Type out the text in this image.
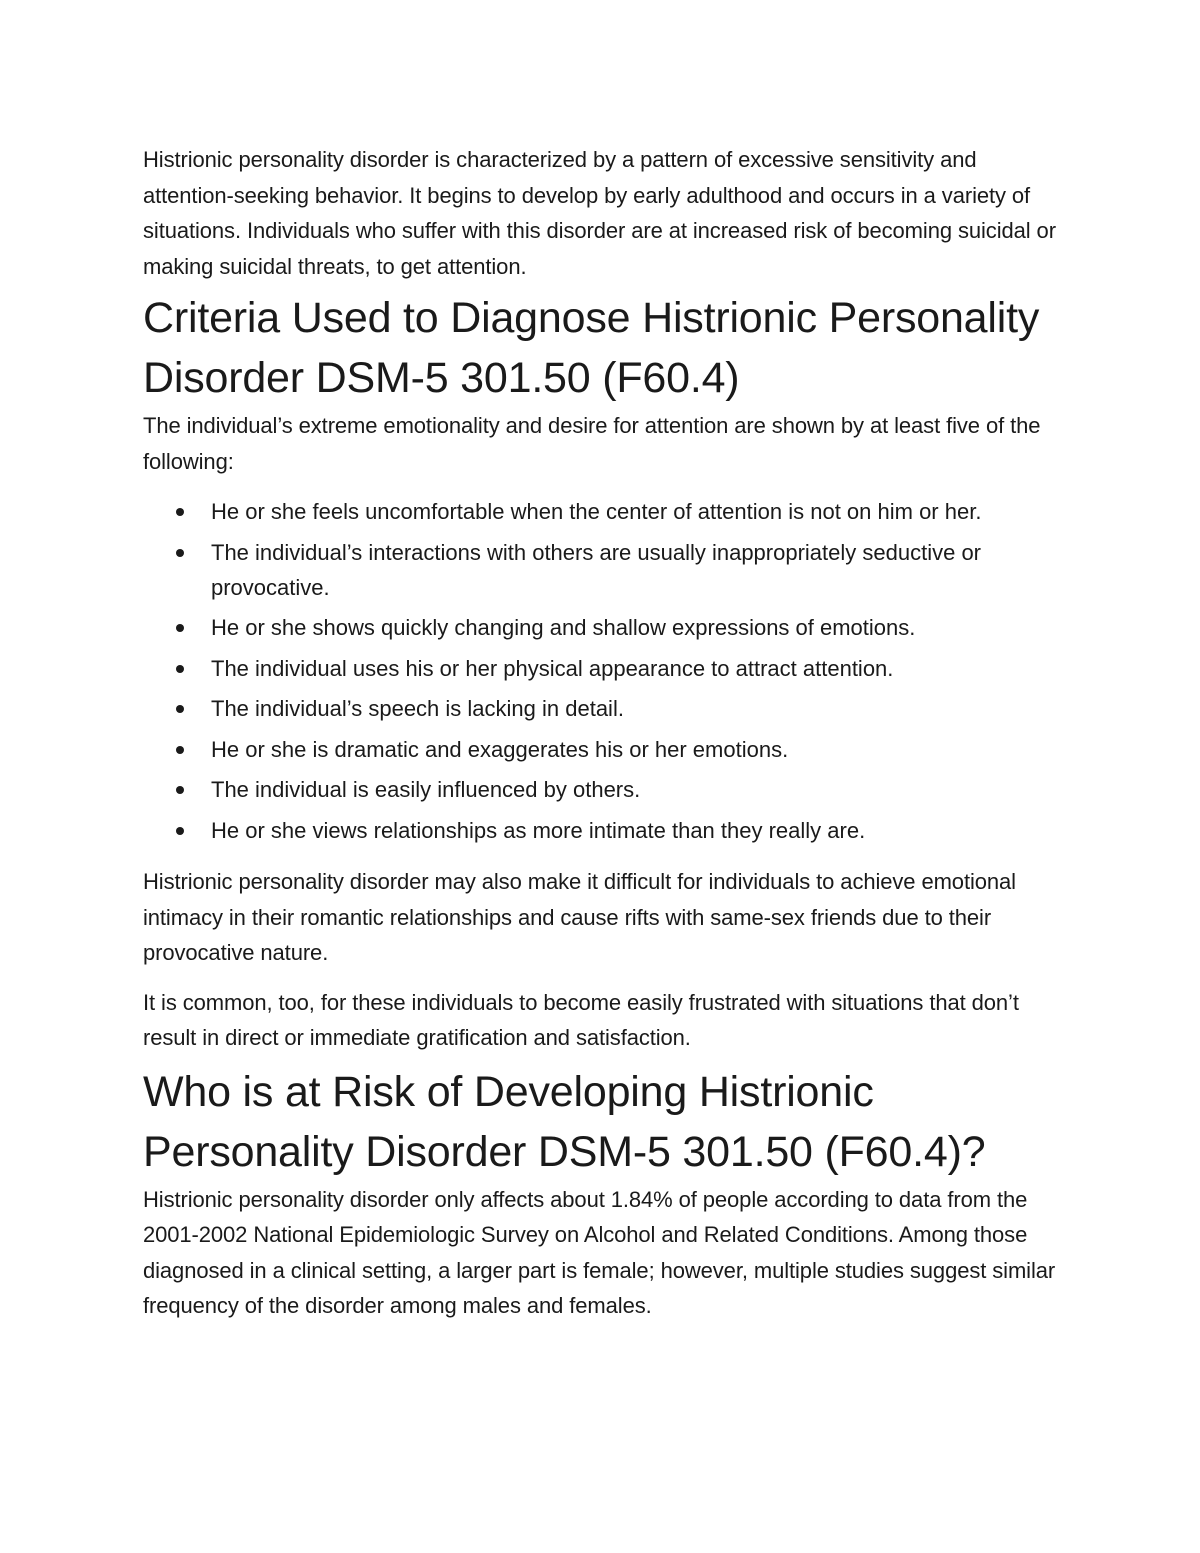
Histrionic personality disorder is characterized by a pattern of excessive sensitivity and attention-seeking behavior. It begins to develop by early adulthood and occurs in a variety of situations. Individuals who suffer with this disorder are at increased risk of becoming suicidal or making suicidal threats, to get attention.

Criteria Used to Diagnose Histrionic Personality Disorder DSM-5 301.50 (F60.4)

The individual’s extreme emotionality and desire for attention are shown by at least five of the following:

He or she feels uncomfortable when the center of attention is not on him or her.
The individual’s interactions with others are usually inappropriately seductive or provocative.
He or she shows quickly changing and shallow expressions of emotions.
The individual uses his or her physical appearance to attract attention.
The individual’s speech is lacking in detail.
He or she is dramatic and exaggerates his or her emotions.
The individual is easily influenced by others.
He or she views relationships as more intimate than they really are.

Histrionic personality disorder may also make it difficult for individuals to achieve emotional intimacy in their romantic relationships and cause rifts with same-sex friends due to their provocative nature.

It is common, too, for these individuals to become easily frustrated with situations that don’t result in direct or immediate gratification and satisfaction.

Who is at Risk of Developing Histrionic Personality Disorder DSM-5 301.50 (F60.4)?

Histrionic personality disorder only affects about 1.84% of people according to data from the 2001-2002 National Epidemiologic Survey on Alcohol and Related Conditions. Among those diagnosed in a clinical setting, a larger part is female; however, multiple studies suggest similar frequency of the disorder among males and females.
